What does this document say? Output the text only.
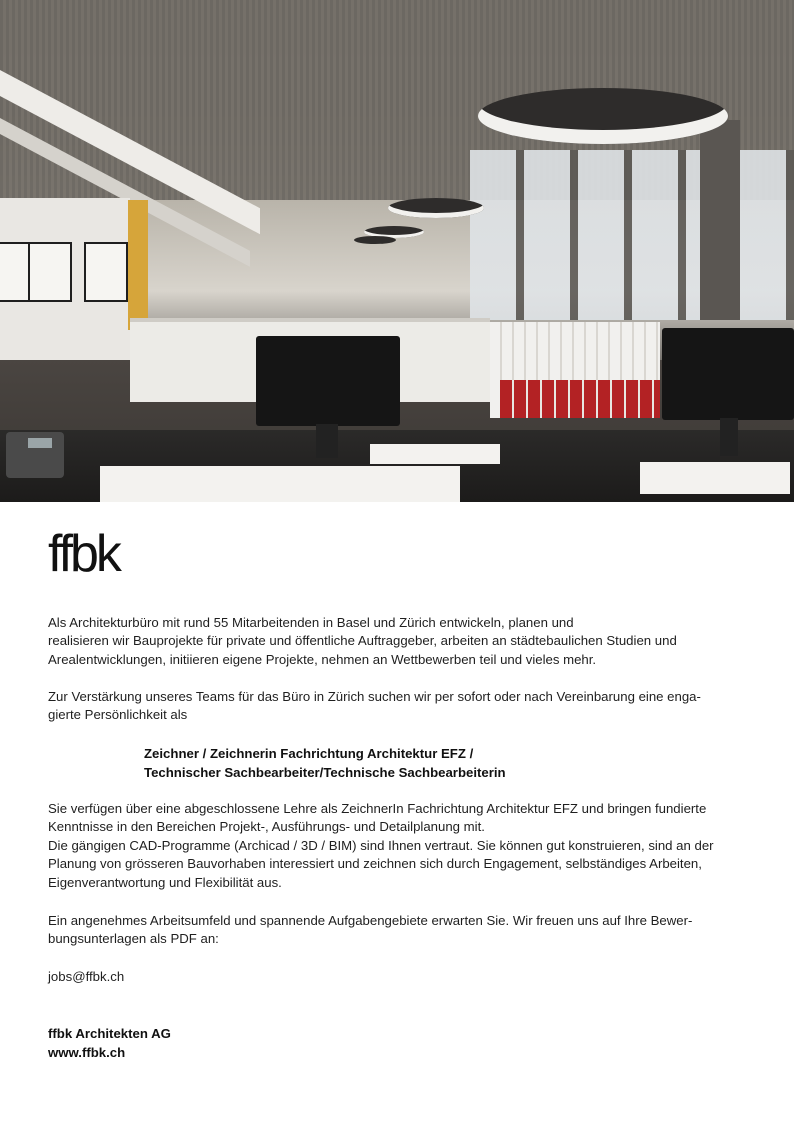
ffbk
Als Architekturbüro mit rund 55 Mitarbeitenden in Basel und Zürich entwickeln, planen und
realisieren wir Bauprojekte für private und öffentliche Auftraggeber, arbeiten an städtebaulichen Studien und
Arealentwicklungen, initiieren eigene Projekte, nehmen an Wettbewerben teil und vieles mehr.
Zur Verstärkung unseres Teams für das Büro in Zürich suchen wir per sofort oder nach Vereinbarung eine enga-
gierte Persönlichkeit als
Zeichner / Zeichnerin Fachrichtung Architektur EFZ /
Technischer Sachbearbeiter/Technische Sachbearbeiterin
Sie verfügen über eine abgeschlossene Lehre als ZeichnerIn Fachrichtung Architektur EFZ und bringen fundierte
Kenntnisse in den Bereichen Projekt-, Ausführungs- und Detailplanung mit.
Die gängigen CAD-Programme (Archicad / 3D / BIM) sind Ihnen vertraut. Sie können gut konstruieren, sind an der
Planung von grösseren Bauvorhaben interessiert und zeichnen sich durch Engagement, selbständiges Arbeiten,
Eigenverantwortung und Flexibilität aus.
Ein angenehmes Arbeitsumfeld und spannende Aufgabengebiete erwarten Sie. Wir freuen uns auf Ihre Bewer-
bungsunterlagen als PDF an:
jobs@ffbk.ch
ffbk Architekten AG
www.ffbk.ch
